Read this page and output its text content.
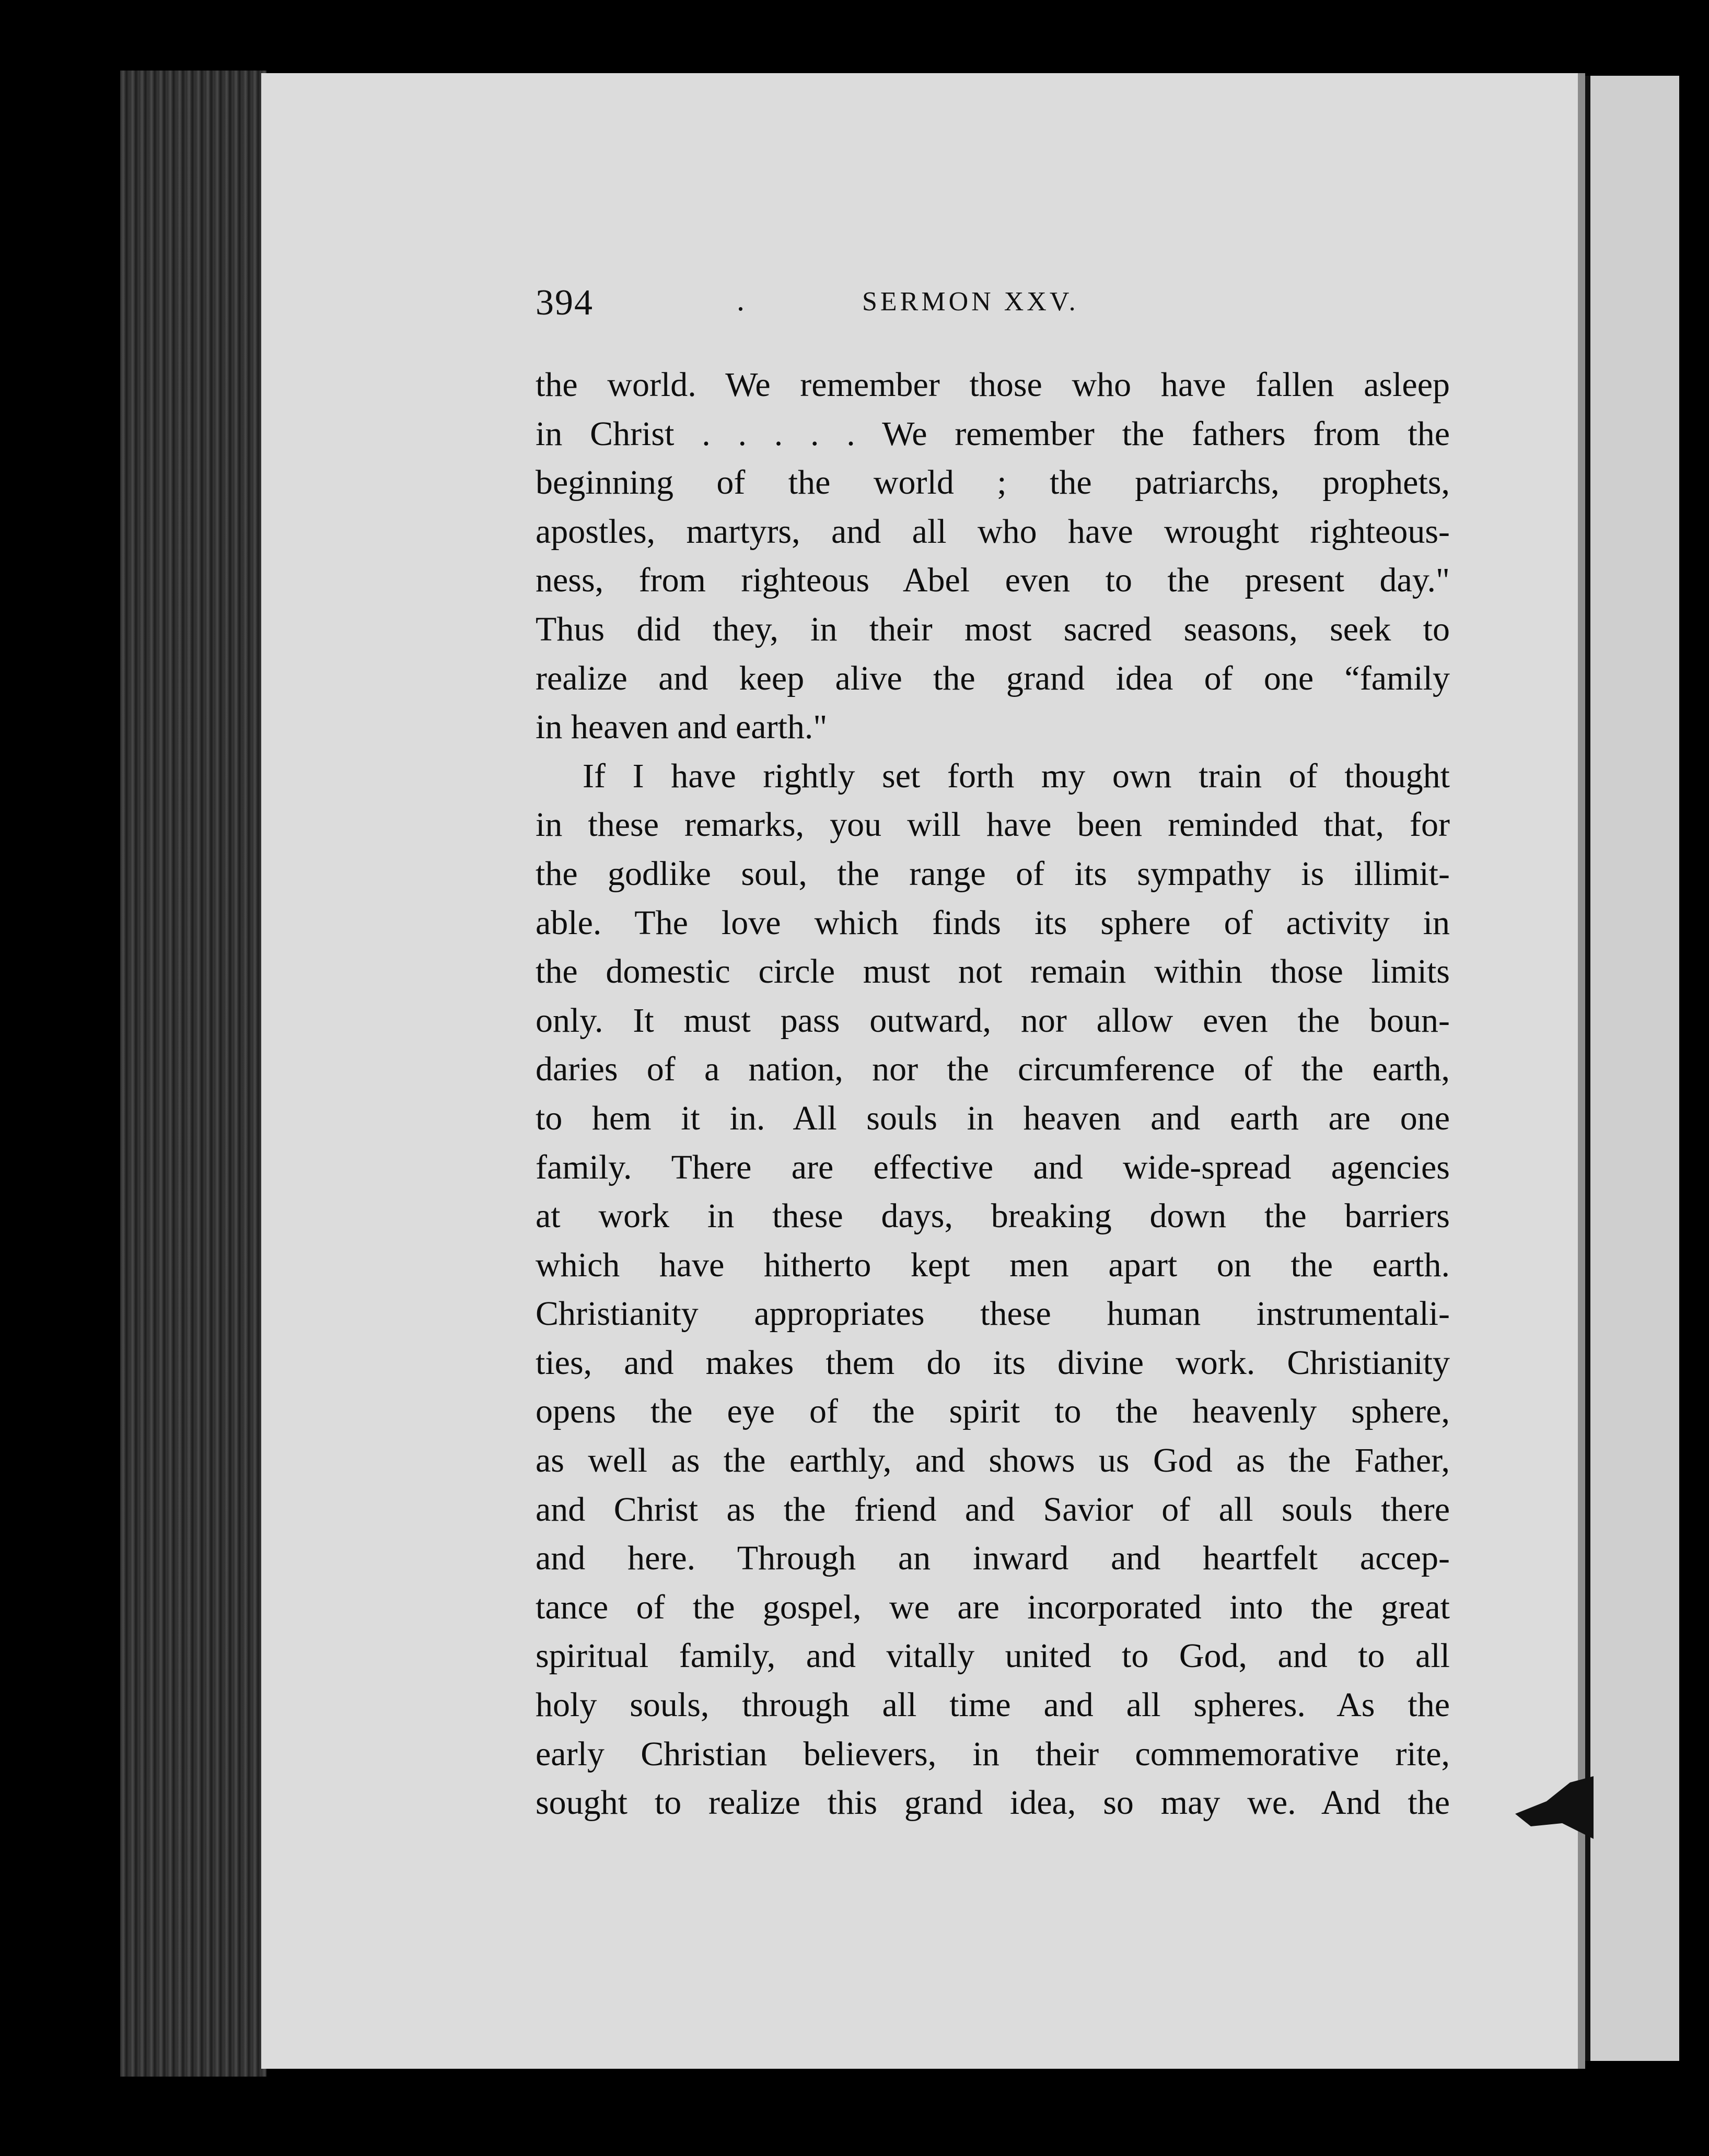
394	.	SERMON XXV.
the world. We remember those who have fallen asleep
in Christ . . . . . We remember the fathers from the
beginning of the world ; the patriarchs, prophets,
apostles, martyrs, and all who have wrought righteous-
ness, from righteous Abel even to the present day."
Thus did they, in their most sacred seasons, seek to
realize and keep alive the grand idea of one “family
in heaven and earth."
If I have rightly set forth my own train of thought
in these remarks, you will have been reminded that, for
the godlike soul, the range of its sympathy is illimit-
able. The love which finds its sphere of activity in
the domestic circle must not remain within those limits
only. It must pass outward, nor allow even the boun-
daries of a nation, nor the circumference of the earth,
to hem it in. All souls in heaven and earth are one
family. There are effective and wide-spread agencies
at work in these days, breaking down the barriers
which have hitherto kept men apart on the earth.
Christianity appropriates these human instrumentali-
ties, and makes them do its divine work. Christianity
opens the eye of the spirit to the heavenly sphere,
as well as the earthly, and shows us God as the Father,
and Christ as the friend and Savior of all souls there
and here. Through an inward and heartfelt accep-
tance of the gospel, we are incorporated into the great
spiritual family, and vitally united to God, and to all
holy souls, through all time and all spheres. As the
early Christian believers, in their commemorative rite,
sought to realize this grand idea, so may we. And the
